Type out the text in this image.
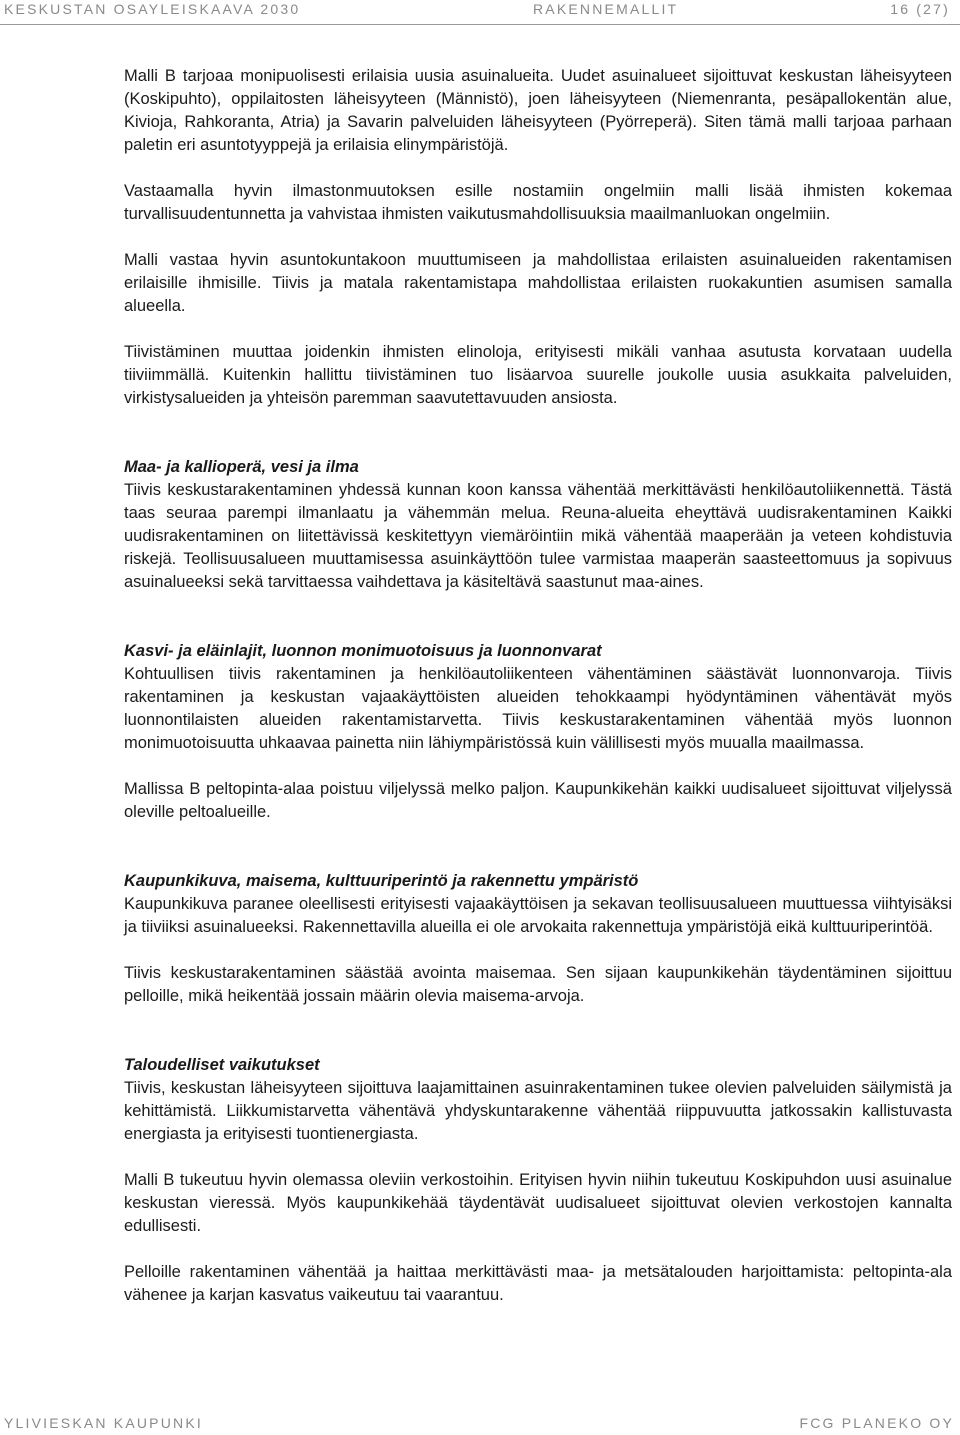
KESKUSTAN OSAYLEISKAAVA 2030	RAKENNEMALLIT	16 (27)

Malli B tarjoaa monipuolisesti erilaisia uusia asuinalueita. Uudet asuinalueet sijoittuvat keskustan läheisyyteen (Koskipuhto), oppilaitosten läheisyyteen (Männistö), joen läheisyyteen (Niemenranta, pesäpallokentän alue, Kivioja, Rahkoranta, Atria) ja Savarin palveluiden läheisyyteen (Pyörreperä). Siten tämä malli tarjoaa parhaan paletin eri asuntotyyppejä ja erilaisia elinympäristöjä.

Vastaamalla hyvin ilmastonmuutoksen esille nostamiin ongelmiin malli lisää ihmisten kokemaa turvallisuudentunnetta ja vahvistaa ihmisten vaikutusmahdollisuuksia maailmanluokan ongelmiin.

Malli vastaa hyvin asuntokuntakoon muuttumiseen ja mahdollistaa erilaisten asuinalueiden rakentamisen erilaisille ihmisille. Tiivis ja matala rakentamistapa mahdollistaa erilaisten ruokakuntien asumisen samalla alueella.

Tiivistäminen muuttaa joidenkin ihmisten elinoloja, erityisesti mikäli vanhaa asutusta korvataan uudella tiiviimmällä. Kuitenkin hallittu tiivistäminen tuo lisäarvoa suurelle joukolle uusia asukkaita palveluiden, virkistysalueiden ja yhteisön paremman saavutettavuuden ansiosta.

Maa- ja kallioperä, vesi ja ilma

Tiivis keskustarakentaminen yhdessä kunnan koon kanssa vähentää merkittävästi henkilöautoliikennettä. Tästä taas seuraa parempi ilmanlaatu ja vähemmän melua. Reuna-alueita eheyttävä uudisrakentaminen Kaikki uudisrakentaminen on liitettävissä keskitettyyn viemäröintiin mikä vähentää maaperään ja veteen kohdistuvia riskejä. Teollisuusalueen muuttamisessa asuinkäyttöön tulee varmistaa maaperän saasteettomuus ja sopivuus asuinalueeksi sekä tarvittaessa vaihdettava ja käsiteltävä saastunut maa-aines.

Kasvi- ja eläinlajit, luonnon monimuotoisuus ja luonnonvarat

Kohtuullisen tiivis rakentaminen ja henkilöautoliikenteen vähentäminen säästävät luonnonvaroja. Tiivis rakentaminen ja keskustan vajaakäyttöisten alueiden tehokkaampi hyödyntäminen vähentävät myös luonnontilaisten alueiden rakentamistarvetta. Tiivis keskustarakentaminen vähentää myös luonnon monimuotoisuutta uhkaavaa painetta niin lähiympäristössä kuin välillisesti myös muualla maailmassa.

Mallissa B peltopinta-alaa poistuu viljelyssä melko paljon. Kaupunkikehän kaikki uudisalueet sijoittuvat viljelyssä oleville peltoalueille.

Kaupunkikuva, maisema, kulttuuriperintö ja rakennettu ympäristö

Kaupunkikuva paranee oleellisesti erityisesti vajaakäyttöisen ja sekavan teollisuusalueen muuttuessa viihtyisäksi ja tiiviiksi asuinalueeksi. Rakennettavilla alueilla ei ole arvokaita rakennettuja ympäristöjä eikä kulttuuriperintöä.

Tiivis keskustarakentaminen säästää avointa maisemaa. Sen sijaan kaupunkikehän täydentäminen sijoittuu pelloille, mikä heikentää jossain määrin olevia maisema-arvoja.

Taloudelliset vaikutukset

Tiivis, keskustan läheisyyteen sijoittuva laajamittainen asuinrakentaminen tukee olevien palveluiden säilymistä ja kehittämistä. Liikkumistarvetta vähentävä yhdyskuntarakenne vähentää riippuvuutta jatkossakin kallistuvasta energiasta ja erityisesti tuontienergiasta.

Malli B tukeutuu hyvin olemassa oleviin verkostoihin. Erityisen hyvin niihin tukeutuu Koskipuhdon uusi asuinalue keskustan vieressä. Myös kaupunkikehää täydentävät uudisalueet sijoittuvat olevien verkostojen kannalta edullisesti.

Pelloille rakentaminen vähentää ja haittaa merkittävästi maa- ja metsätalouden harjoittamista: peltopinta-ala vähenee ja karjan kasvatus vaikeutuu tai vaarantuu.

YLIVIESKAN KAUPUNKI	FCG PLANEKO OY
